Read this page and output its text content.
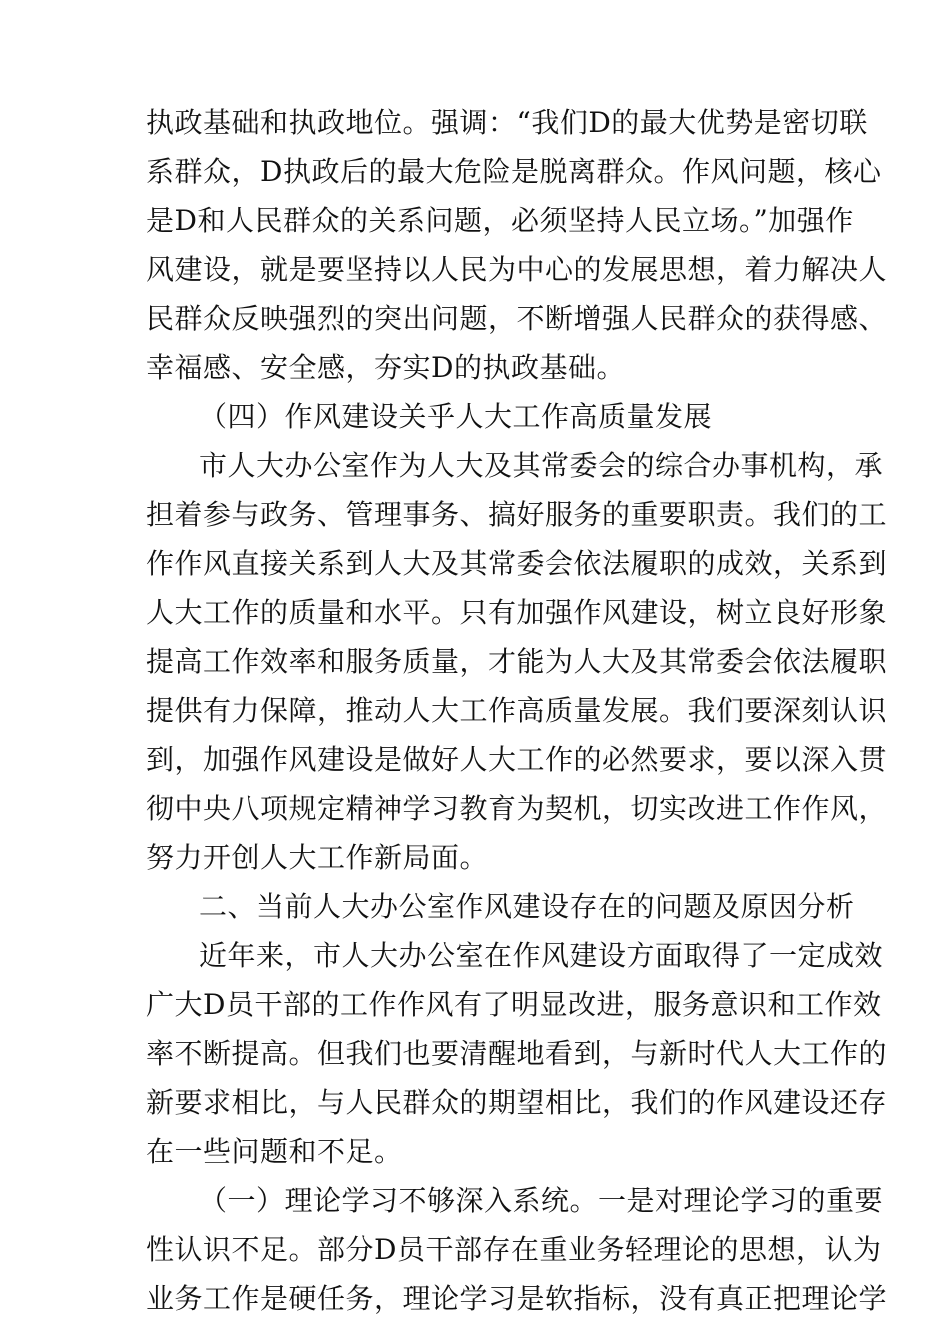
执政基础和执政地位。强调：“我们D的最大优势是密切联
系群众，D执政后的最大危险是脱离群众。作风问题，核心
是D和人民群众的关系问题，必须坚持人民立场。”加强作
风建设，就是要坚持以人民为中心的发展思想，着力解决人
民群众反映强烈的突出问题，不断增强人民群众的获得感、
幸福感、安全感，夯实D的执政基础。
（四）作风建设关乎人大工作高质量发展
市人大办公室作为人大及其常委会的综合办事机构，承
担着参与政务、管理事务、搞好服务的重要职责。我们的工
作作风直接关系到人大及其常委会依法履职的成效，关系到
人大工作的质量和水平。只有加强作风建设，树立良好形象
提高工作效率和服务质量，才能为人大及其常委会依法履职
提供有力保障，推动人大工作高质量发展。我们要深刻认识
到，加强作风建设是做好人大工作的必然要求，要以深入贯
彻中央八项规定精神学习教育为契机，切实改进工作作风，
努力开创人大工作新局面。
二、当前人大办公室作风建设存在的问题及原因分析
近年来，市人大办公室在作风建设方面取得了一定成效
广大D员干部的工作作风有了明显改进，服务意识和工作效
率不断提高。但我们也要清醒地看到，与新时代人大工作的
新要求相比，与人民群众的期望相比，我们的作风建设还存
在一些问题和不足。
（一）理论学习不够深入系统。一是对理论学习的重要
性认识不足。部分D员干部存在重业务轻理论的思想，认为
业务工作是硬任务，理论学习是软指标，没有真正把理论学
